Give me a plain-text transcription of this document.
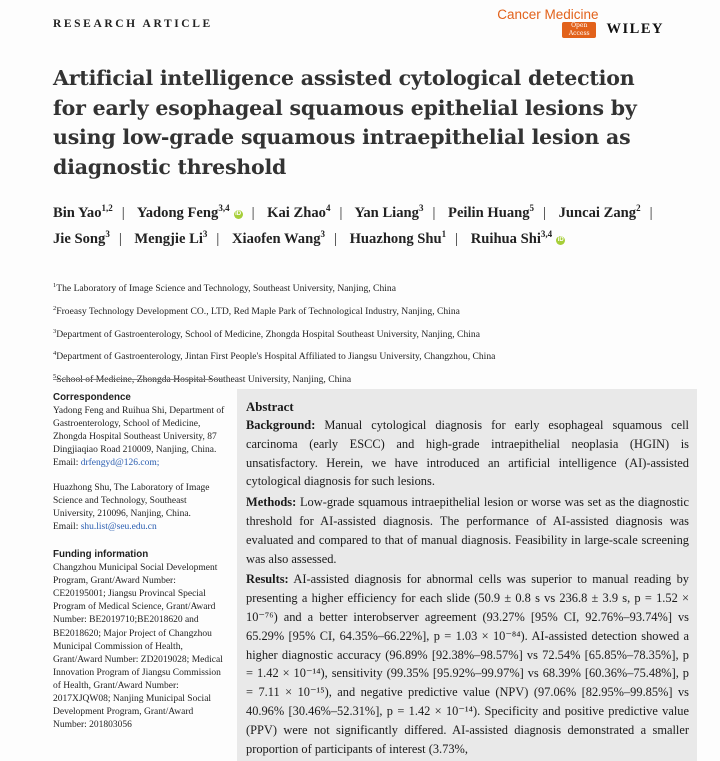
RESEARCH ARTICLE
Cancer Medicine
Open Access	WILEY
Artificial intelligence assisted cytological detection for early esophageal squamous epithelial lesions by using low-grade squamous intraepithelial lesion as diagnostic threshold
Bin Yao$^{1,2}$ | Yadong Feng$^{3,4}$iD | Kai Zhao$^4$ | Yan Liang$^3$ | Peilin Huang$^5$ | Juncai Zang$^2$ | Jie Song$^3$ | Mengjie Li$^3$ | Xiaofen Wang$^3$ | Huazhong Shu$^1$ | Ruihua Shi$^{3,4}$iD
$^1$The Laboratory of Image Science and Technology, Southeast University, Nanjing, China
$^2$Froeasy Technology Development CO., LTD, Red Maple Park of Technological Industry, Nanjing, China
$^3$Department of Gastroenterology, School of Medicine, Zhongda Hospital Southeast University, Nanjing, China
$^4$Department of Gastroenterology, Jintan First People's Hospital Affiliated to Jiangsu University, Changzhou, China
$^5$School of Medicine, Zhongda Hospital Southeast University, Nanjing, China
Correspondence

Yadong Feng and Ruihua Shi, Department of Gastroenterology, School of Medicine, Zhongda Hospital Southeast University, 87 Dingjiaqiao Road 210009, Nanjing, China.

Email: drfengyd@126.com;

Huazhong Shu, The Laboratory of Image Science and Technology, Southeast University, 210096, Nanjing, China.

Email: shu.list@seu.edu.cn

Funding information

Changzhou Municipal Social Development Program, Grant/Award Number: CE20195001; Jiangsu Provincal Special Program of Medical Science, Grant/Award Number: BE2019710;BE2018620 and BE2018620; Major Project of Changzhou Municipal Commission of Health, Grant/Award Number: ZD2019028; Medical Innovation Program of Jiangsu Commission of Health, Grant/Award Number: 2017XJQW08; Nanjing Municipal Social Development Program, Grant/Award Number: 201803056

Abstract

Background: Manual cytological diagnosis for early esophageal squamous cell carcinoma (early ESCC) and high-grade intraepithelial neoplasia (HGIN) is unsatisfactory. Herein, we have introduced an artificial intelligence (AI)-assisted cytological diagnosis for such lesions.

Methods: Low-grade squamous intraepithelial lesion or worse was set as the diagnostic threshold for AI-assisted diagnosis. The performance of AI-assisted diagnosis was evaluated and compared to that of manual diagnosis. Feasibility in large-scale screening was also assessed.

Results: AI-assisted diagnosis for abnormal cells was superior to manual reading by presenting a higher efficiency for each slide (50.9 ± 0.8 s vs 236.8 ± 3.9 s, p = 1.52 × 10⁻⁷⁶) and a better interobserver agreement (93.27% [95% CI, 92.76%–93.74%] vs 65.29% [95% CI, 64.35%–66.22%], p = 1.03 × 10⁻⁸⁴). AI-assisted detection showed a higher diagnostic accuracy (96.89% [92.38%–98.57%] vs 72.54% [65.85%–78.35%], p = 1.42 × 10⁻¹⁴), sensitivity (99.35% [95.92%–99.97%] vs 68.39% [60.36%–75.48%], p = 7.11 × 10⁻¹⁵), and negative predictive value (NPV) (97.06% [82.95%–99.85%] vs 40.96% [30.46%–52.31%], p = 1.42 × 10⁻¹⁴). Specificity and positive predictive value (PPV) were not significantly differed. AI-assisted diagnosis demonstrated a smaller proportion of participants of interest (3.73%,
